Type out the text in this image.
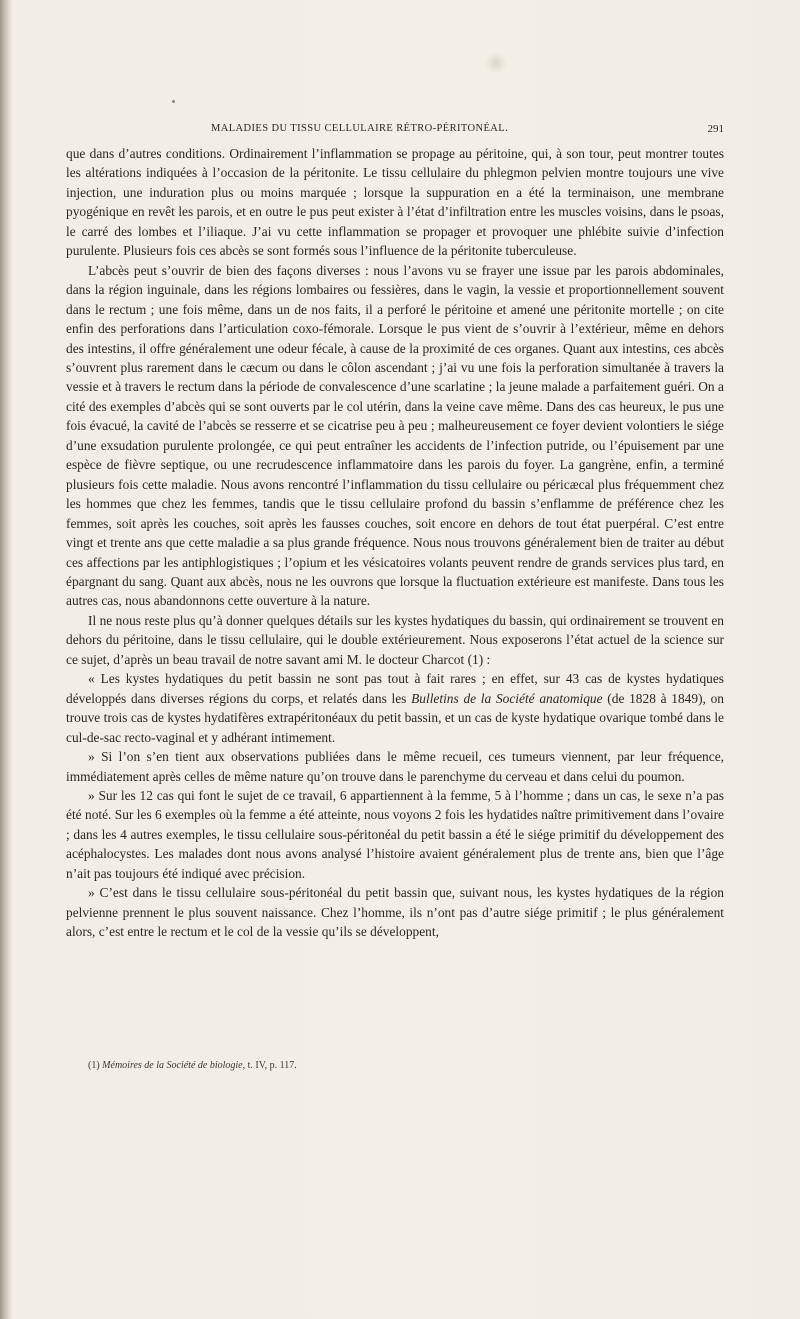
MALADIES DU TISSU CELLULAIRE RÉTRO-PÉRITONÉAL.	291

que dans d’autres conditions. Ordinairement l’inflammation se propage au péritoine, qui, à son tour, peut montrer toutes les altérations indiquées à l’occasion de la péritonite. Le tissu cellulaire du phlegmon pelvien montre toujours une vive injection, une induration plus ou moins marquée ; lorsque la suppuration en a été la terminaison, une membrane pyogénique en revêt les parois, et en outre le pus peut exister à l’état d’infiltration entre les muscles voisins, dans le psoas, le carré des lombes et l’iliaque. J’ai vu cette inflammation se propager et provoquer une phlébite suivie d’infection purulente. Plusieurs fois ces abcès se sont formés sous l’influence de la péritonite tuberculeuse.

L’abcès peut s’ouvrir de bien des façons diverses : nous l’avons vu se frayer une issue par les parois abdominales, dans la région inguinale, dans les régions lombaires ou fessières, dans le vagin, la vessie et proportionnellement souvent dans le rectum ; une fois même, dans un de nos faits, il a perforé le péritoine et amené une péritonite mortelle ; on cite enfin des perforations dans l’articulation coxo-fémorale. Lorsque le pus vient de s’ouvrir à l’extérieur, même en dehors des intestins, il offre généralement une odeur fécale, à cause de la proximité de ces organes. Quant aux intestins, ces abcès s’ouvrent plus rarement dans le cæcum ou dans le côlon ascendant ; j’ai vu une fois la perforation simultanée à travers la vessie et à travers le rectum dans la période de convalescence d’une scarlatine ; la jeune malade a parfaitement guéri. On a cité des exemples d’abcès qui se sont ouverts par le col utérin, dans la veine cave même. Dans des cas heureux, le pus une fois évacué, la cavité de l’abcès se resserre et se cicatrise peu à peu ; malheureusement ce foyer devient volontiers le siége d’une exsudation purulente prolongée, ce qui peut entraîner les accidents de l’infection putride, ou l’épuisement par une espèce de fièvre septique, ou une recrudescence inflammatoire dans les parois du foyer. La gangrène, enfin, a terminé plusieurs fois cette maladie. Nous avons rencontré l’inflammation du tissu cellulaire ou péricæcal plus fréquemment chez les hommes que chez les femmes, tandis que le tissu cellulaire profond du bassin s’enflamme de préférence chez les femmes, soit après les couches, soit après les fausses couches, soit encore en dehors de tout état puerpéral. C’est entre vingt et trente ans que cette maladie a sa plus grande fréquence. Nous nous trouvons généralement bien de traiter au début ces affections par les antiphlogistiques ; l’opium et les vésicatoires volants peuvent rendre de grands services plus tard, en épargnant du sang. Quant aux abcès, nous ne les ouvrons que lorsque la fluctuation extérieure est manifeste. Dans tous les autres cas, nous abandonnons cette ouverture à la nature.

Il ne nous reste plus qu’à donner quelques détails sur les kystes hydatiques du bassin, qui ordinairement se trouvent en dehors du péritoine, dans le tissu cellulaire, qui le double extérieurement. Nous exposerons l’état actuel de la science sur ce sujet, d’après un beau travail de notre savant ami M. le docteur Charcot (1) :

« Les kystes hydatiques du petit bassin ne sont pas tout à fait rares ; en effet, sur 43 cas de kystes hydatiques développés dans diverses régions du corps, et relatés dans les Bulletins de la Société anatomique (de 1828 à 1849), on trouve trois cas de kystes hydatifères extrapéritonéaux du petit bassin, et un cas de kyste hydatique ovarique tombé dans le cul-de-sac recto-vaginal et y adhérant intimement.

» Si l’on s’en tient aux observations publiées dans le même recueil, ces tumeurs viennent, par leur fréquence, immédiatement après celles de même nature qu’on trouve dans le parenchyme du cerveau et dans celui du poumon.

» Sur les 12 cas qui font le sujet de ce travail, 6 appartiennent à la femme, 5 à l’homme ; dans un cas, le sexe n’a pas été noté. Sur les 6 exemples où la femme a été atteinte, nous voyons 2 fois les hydatides naître primitivement dans l’ovaire ; dans les 4 autres exemples, le tissu cellulaire sous-péritonéal du petit bassin a été le siége primitif du développement des acéphalocystes. Les malades dont nous avons analysé l’histoire avaient généralement plus de trente ans, bien que l’âge n’ait pas toujours été indiqué avec précision.

» C’est dans le tissu cellulaire sous-péritonéal du petit bassin que, suivant nous, les kystes hydatiques de la région pelvienne prennent le plus souvent naissance. Chez l’homme, ils n’ont pas d’autre siége primitif ; le plus généralement alors, c’est entre le rectum et le col de la vessie qu’ils se développent,

(1) Mémoires de la Société de biologie, t. IV, p. 117.
